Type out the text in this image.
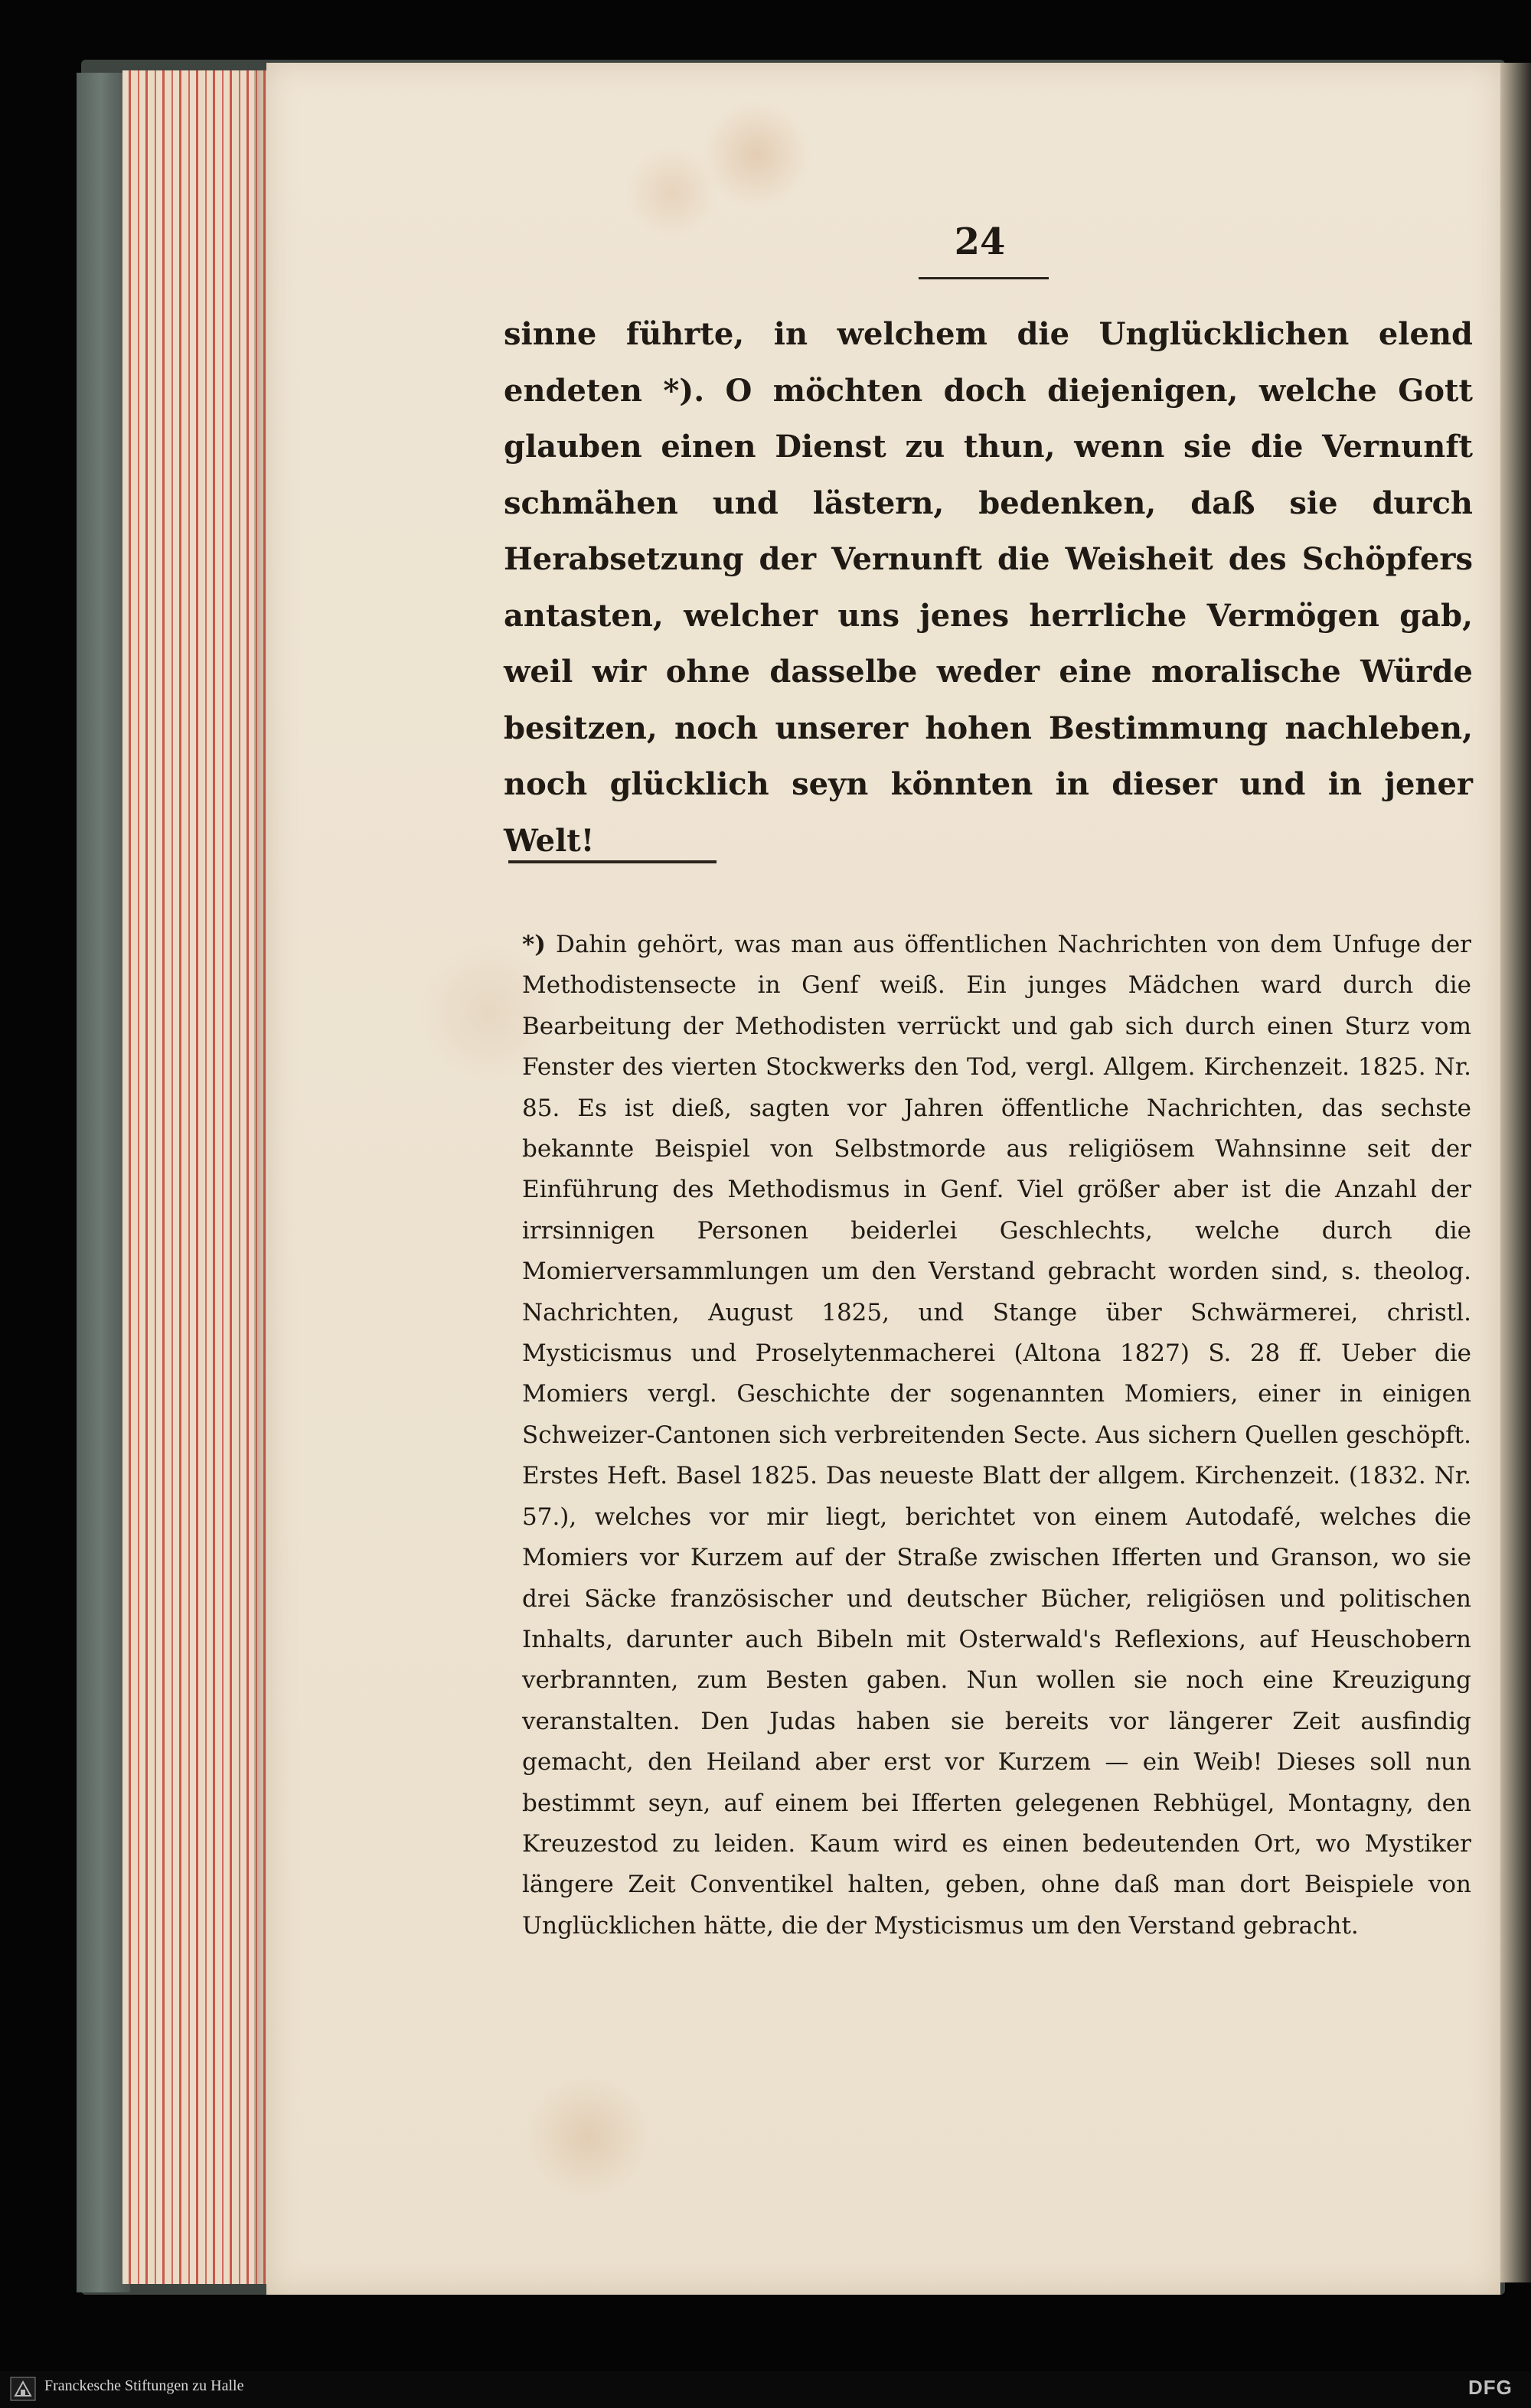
24
sinne führte, in welchem die Unglücklichen elend endeten *). O möchten doch diejenigen, welche Gott glauben einen Dienst zu thun, wenn sie die Vernunft schmähen und lästern, bedenken, daß sie durch Herabsetzung der Vernunft die Weisheit des Schöpfers antasten, welcher uns jenes herrliche Vermögen gab, weil wir ohne dasselbe weder eine moralische Würde besitzen, noch unserer hohen Bestimmung nachleben, noch glücklich seyn könnten in dieser und in jener Welt!
*) Dahin gehört, was man aus öffentlichen Nachrichten von dem Unfuge der Methodistensecte in Genf weiß. Ein junges Mädchen ward durch die Bearbeitung der Methodisten verrückt und gab sich durch einen Sturz vom Fenster des vierten Stockwerks den Tod, vergl. Allgem. Kirchenzeit. 1825. Nr. 85. Es ist dieß, sagten vor Jahren öffentliche Nachrichten, das sechste bekannte Beispiel von Selbstmorde aus religiösem Wahnsinne seit der Einführung des Methodismus in Genf. Viel größer aber ist die Anzahl der irrsinnigen Personen beiderlei Geschlechts, welche durch die Momierversammlungen um den Verstand gebracht worden sind, s. theolog. Nachrichten, August 1825, und Stange über Schwärmerei, christl. Mysticismus und Proselytenmacherei (Altona 1827) S. 28 ff. Ueber die Momiers vergl. Geschichte der sogenannten Momiers, einer in einigen Schweizer-Cantonen sich verbreitenden Secte. Aus sichern Quellen geschöpft. Erstes Heft. Basel 1825. Das neueste Blatt der allgem. Kirchenzeit. (1832. Nr. 57.), welches vor mir liegt, berichtet von einem Autodafé, welches die Momiers vor Kurzem auf der Straße zwischen Ifferten und Granson, wo sie drei Säcke französischer und deutscher Bücher, religiösen und politischen Inhalts, darunter auch Bibeln mit Osterwald's Reflexions, auf Heuschobern verbrannten, zum Besten gaben. Nun wollen sie noch eine Kreuzigung veranstalten. Den Judas haben sie bereits vor längerer Zeit ausfindig gemacht, den Heiland aber erst vor Kurzem — ein Weib! Dieses soll nun bestimmt seyn, auf einem bei Ifferten gelegenen Rebhügel, Montagny, den Kreuzestod zu leiden. Kaum wird es einen bedeutenden Ort, wo Mystiker längere Zeit Conventikel halten, geben, ohne daß man dort Beispiele von Unglücklichen hätte, die der Mysticismus um den Verstand gebracht.
Franckesche Stiftungen zu Halle	DFG
